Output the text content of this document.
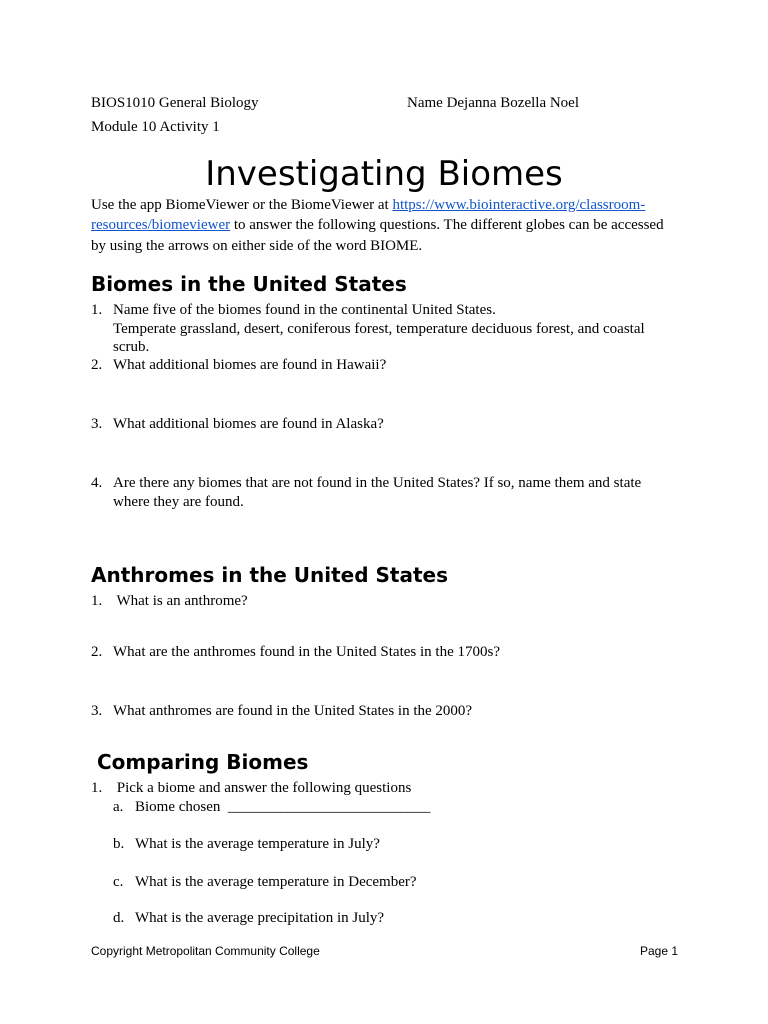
BIOS1010 General Biology	Name Dejanna Bozella Noel
Module 10 Activity 1
Investigating Biomes
Use the app BiomeViewer or the BiomeViewer at https://www.biointeractive.org/classroom-
resources/biomeviewer to answer the following questions. The different globes can be accessed
by using the arrows on either side of the word BIOME.
Biomes in the United States
1. Name five of the biomes found in the continental United States.
Temperate grassland, desert, coniferous forest, temperature deciduous forest, and coastal
scrub.
2. What additional biomes are found in Hawaii?
3. What additional biomes are found in Alaska?
4. Are there any biomes that are not found in the United States? If so, name them and state
where they are found.
Anthromes in the United States
1. What is an anthrome?
2. What are the anthromes found in the United States in the 1700s?
3. What anthromes are found in the United States in the 2000?
Comparing Biomes
1. Pick a biome and answer the following questions
a. Biome chosen  ___________________________
b. What is the average temperature in July?
c. What is the average temperature in December?
d. What is the average precipitation in July?
Copyright Metropolitan Community College	Page 1
